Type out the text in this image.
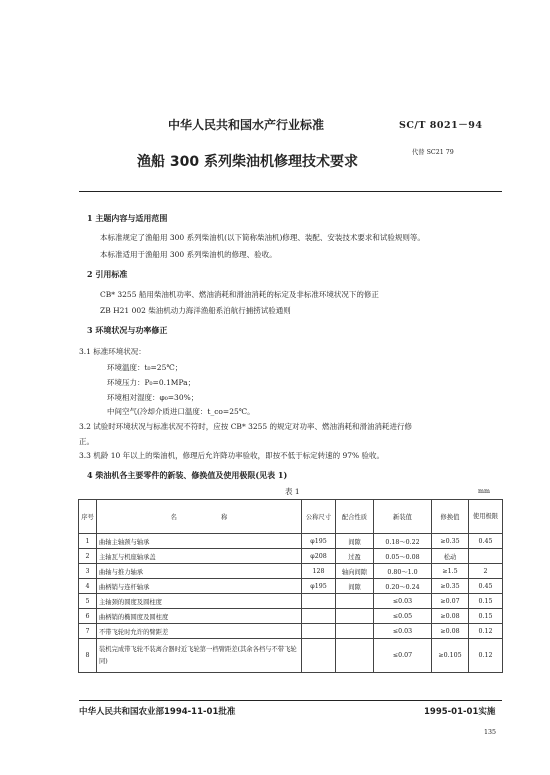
中华人民共和国水产行业标准	SC/T 8021－94
渔船 300 系列柴油机修理技术要求
代替 SC21 79
1 主题内容与适用范围
本标准规定了渔船用 300 系列柴油机(以下简称柴油机)修理、装配、安装技术要求和试验规则等。
本标准适用于渔船用 300 系列柴油机的修理、验收。
2 引用标准
CB* 3255 船用柴油机功率、燃油消耗和滑油消耗的标定及非标准环境状况下的修正
ZB H21 002 柴油机动力海洋渔船系泊航行捕捞试验通则
3 环境状况与功率修正
3.1 标准环境状况：
环境温度：t₀=25℃；
环境压力：P₀=0.1MPa；
环境相对湿度：φ₀=30%；
中间空气(冷却介质进口温度：t_co=25℃。
3.2 试验时环境状况与标准状况不符时，应按 CB* 3255 的规定对功率、燃油消耗和滑油消耗进行修
正。
3.3 机龄 10 年以上的柴油机，修理后允许降功率验收，即按不低于标定转速的 97% 验收。
4 柴油机各主要零件的新装、修换值及使用极限(见表 1)
表 1	mm
序号	名　　　　　　　称	公称尺寸	配合性质	新装值	修换值	使用极限
1	曲轴主轴颈与轴承	φ195	间隙	0.18～0.22	≥0.35	0.45
2	主轴瓦与机座轴承盖	φ208	过盈	0.05～0.08	松动	
3	曲轴与推力轴承	128	轴向间隙	0.80～1.0	≥1.5	2
4	曲柄销与连杆轴承	φ195	间隙	0.20～0.24	≥0.35	0.45
5	主轴颈的圆度及圆柱度			≤0.03	≥0.07	0.15
6	曲柄销的椭圆度及圆柱度			≤0.05	≥0.08	0.15
7	不带飞轮时允许的臂距差			≤0.03	≥0.08	0.12
8	装机完成带飞轮不装离合器时近飞轮第一档臂距差(其余各档与不带飞轮同)			≤0.07	≥0.105	0.12
中华人民共和国农业部1994-11-01批准	1995-01-01实施
135
